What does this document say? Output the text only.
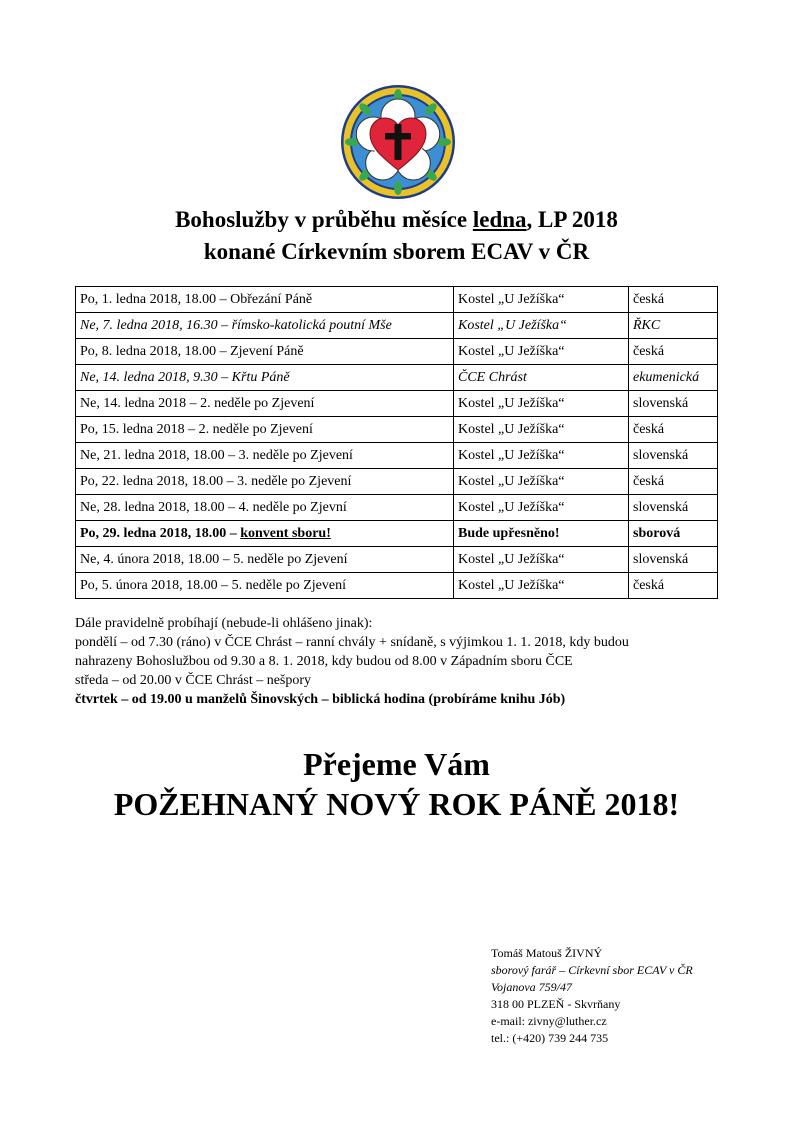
Bohoslužby v průběhu měsíce ledna, LP 2018
konané Církevním sborem ECAV v ČR
Po, 1. ledna 2018, 18.00 – Obřezání Páně	Kostel „U Ježíška“	česká
Ne, 7. ledna 2018, 16.30 – římsko-katolická poutní Mše	Kostel „U Ježíška“	ŘKC
Po, 8. ledna 2018, 18.00 – Zjevení Páně	Kostel „U Ježíška“	česká
Ne, 14. ledna 2018, 9.30 – Křtu Páně	ČCE Chrást	ekumenická
Ne, 14. ledna 2018 – 2. neděle po Zjevení	Kostel „U Ježíška“	slovenská
Po, 15. ledna 2018 – 2. neděle po Zjevení	Kostel „U Ježíška“	česká
Ne, 21. ledna 2018, 18.00 – 3. neděle po Zjevení	Kostel „U Ježíška“	slovenská
Po, 22. ledna 2018, 18.00 – 3. neděle po Zjevení	Kostel „U Ježíška“	česká
Ne, 28. ledna 2018, 18.00 – 4. neděle po Zjevní	Kostel „U Ježíška“	slovenská
Po, 29. ledna 2018, 18.00 – konvent sboru!	Bude upřesněno!	sborová
Ne, 4. února 2018, 18.00 – 5. neděle po Zjevení	Kostel „U Ježíška“	slovenská
Po, 5. února 2018, 18.00 – 5. neděle po Zjevení	Kostel „U Ježíška“	česká
Dále pravidelně probíhají (nebude-li ohlášeno jinak):
pondělí – od 7.30 (ráno) v ČCE Chrást – ranní chvály + snídaně, s výjimkou 1. 1. 2018, kdy budou
nahrazeny Bohoslužbou od 9.30 a 8. 1. 2018, kdy budou od 8.00 v Západním sboru ČCE
středa – od 20.00 v ČCE Chrást – nešpory
čtvrtek – od 19.00 u manželů Šinovských – biblická hodina (probíráme knihu Jób)
Přejeme Vám
POŽEHNANÝ NOVÝ ROK PÁNĚ 2018!
Tomáš Matouš ŽIVNÝ
sborový farář – Církevní sbor ECAV v ČR
Vojanova 759/47
318 00 PLZEŇ - Skvrňany
e-mail: zivny@luther.cz
tel.: (+420) 739 244 735
